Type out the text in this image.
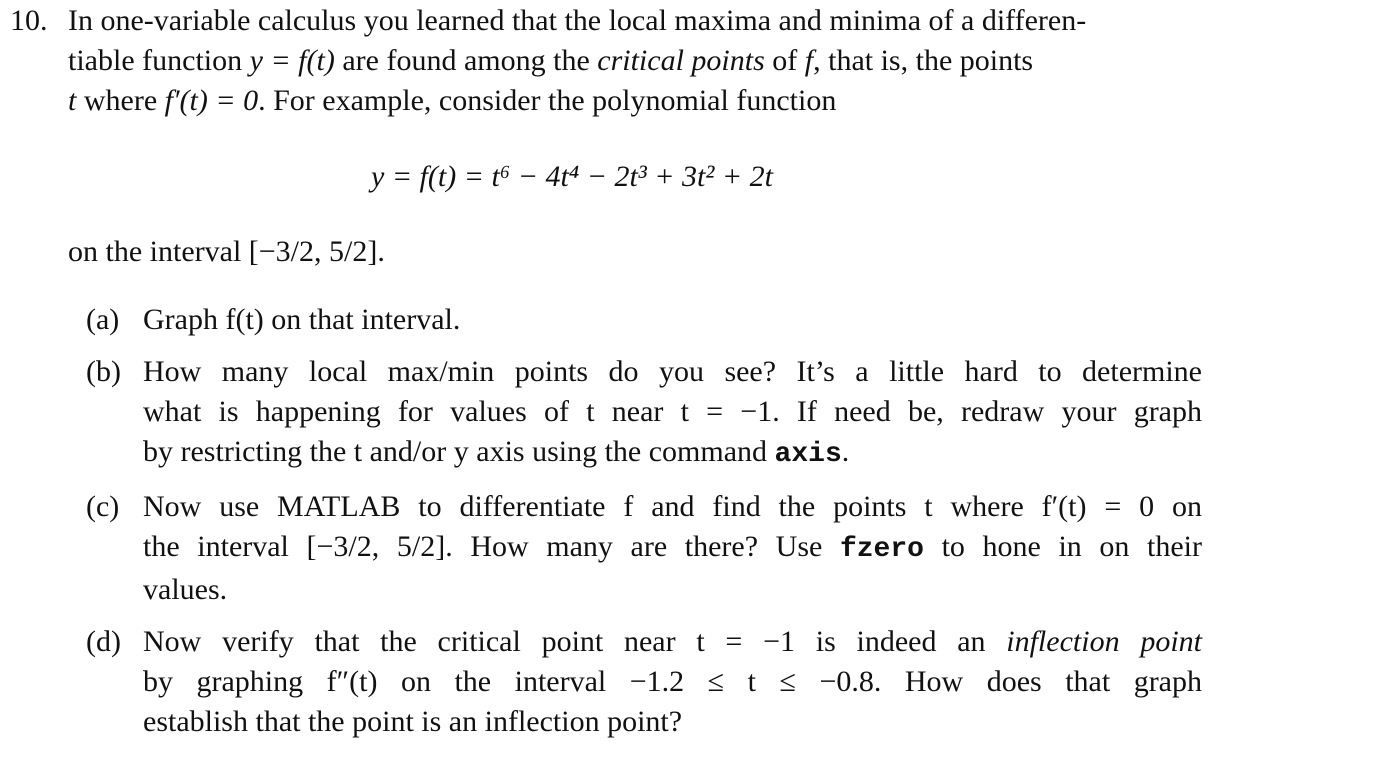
10. In one-variable calculus you learned that the local maxima and minima of a differen-
tiable function y = f(t) are found among the critical points of f, that is, the points
t where f′(t) = 0. For example, consider the polynomial function
y = f(t) = t⁶ − 4t⁴ − 2t³ + 3t² + 2t
on the interval [−3/2, 5/2].
(a) Graph f(t) on that interval.
(b) How many local max/min points do you see? It’s a little hard to determine
what is happening for values of t near t = −1. If need be, redraw your graph
by restricting the t and/or y axis using the command axis.
(c) Now use MATLAB to differentiate f and find the points t where f′(t) = 0 on
the interval [−3/2, 5/2]. How many are there? Use fzero to hone in on their
values.
(d) Now verify that the critical point near t = −1 is indeed an inflection point
by graphing f″(t) on the interval −1.2 ≤ t ≤ −0.8. How does that graph
establish that the point is an inflection point?
